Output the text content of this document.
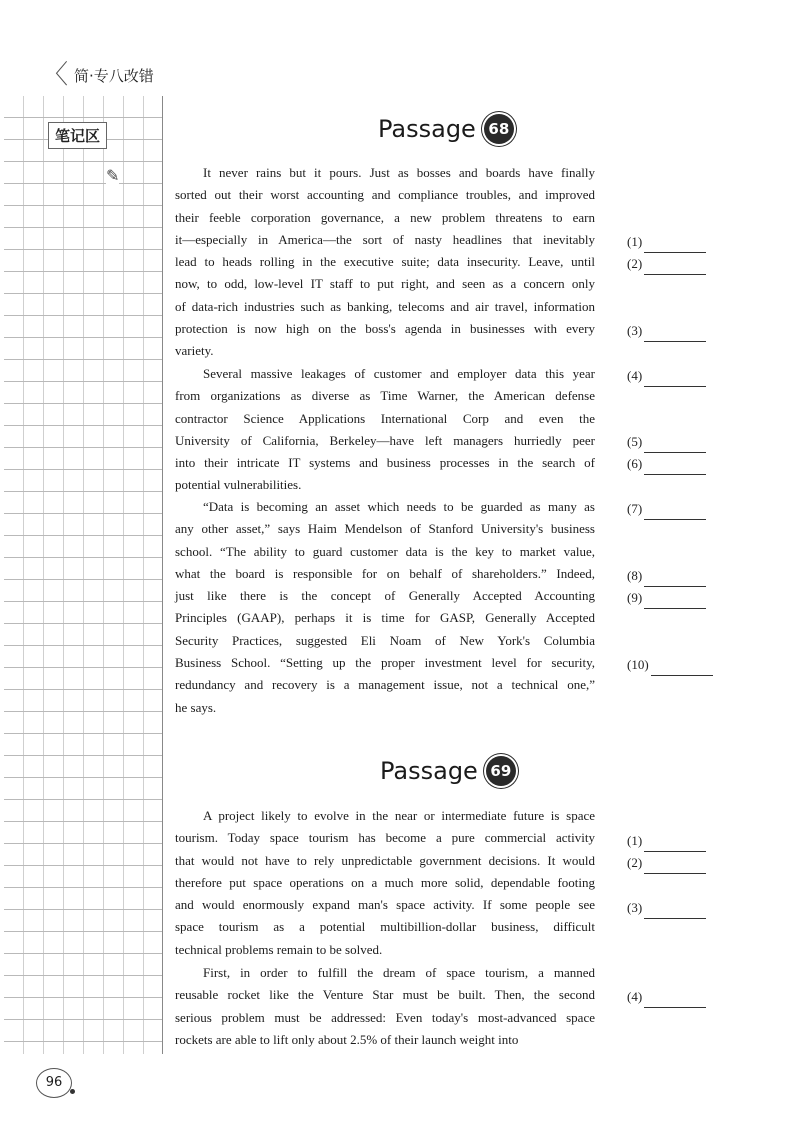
〈 简·专八改错
笔记区
✎
Passage 68
Passage 69
It never rains but it pours. Just as bosses and boards have finally
sorted out their worst accounting and compliance troubles, and improved
their feeble corporation governance, a new problem threatens to earn
it—especially in America—the sort of nasty headlines that inevitably
lead to heads rolling in the executive suite; data insecurity. Leave, until
now, to odd, low-level IT staff to put right, and seen as a concern only
of data-rich industries such as banking, telecoms and air travel, information
protection is now high on the boss's agenda in businesses with every
variety.
Several massive leakages of customer and employer data this year
from organizations as diverse as Time Warner, the American defense
contractor Science Applications International Corp and even the
University of California, Berkeley—have left managers hurriedly peer
into their intricate IT systems and business processes in the search of
potential vulnerabilities.
“Data is becoming an asset which needs to be guarded as many as
any other asset,” says Haim Mendelson of Stanford University's business
school. “The ability to guard customer data is the key to market value,
what the board is responsible for on behalf of shareholders.” Indeed,
just like there is the concept of Generally Accepted Accounting
Principles (GAAP), perhaps it is time for GASP, Generally Accepted
Security Practices, suggested Eli Noam of New York's Columbia
Business School. “Setting up the proper investment level for security,
redundancy and recovery is a management issue, not a technical one,”
he says.
(1)
(2)
(3)
(4)
(5)
(6)
(7)
(8)
(9)
(10)
A project likely to evolve in the near or intermediate future is space
tourism. Today space tourism has become a pure commercial activity
that would not have to rely unpredictable government decisions. It would
therefore put space operations on a much more solid, dependable footing
and would enormously expand man's space activity. If some people see
space tourism as a potential multibillion-dollar business, difficult
technical problems remain to be solved.
First, in order to fulfill the dream of space tourism, a manned
reusable rocket like the Venture Star must be built. Then, the second
serious problem must be addressed: Even today's most-advanced space
rockets are able to lift only about 2.5% of their launch weight into
(1)
(2)
(3)
(4)
96
